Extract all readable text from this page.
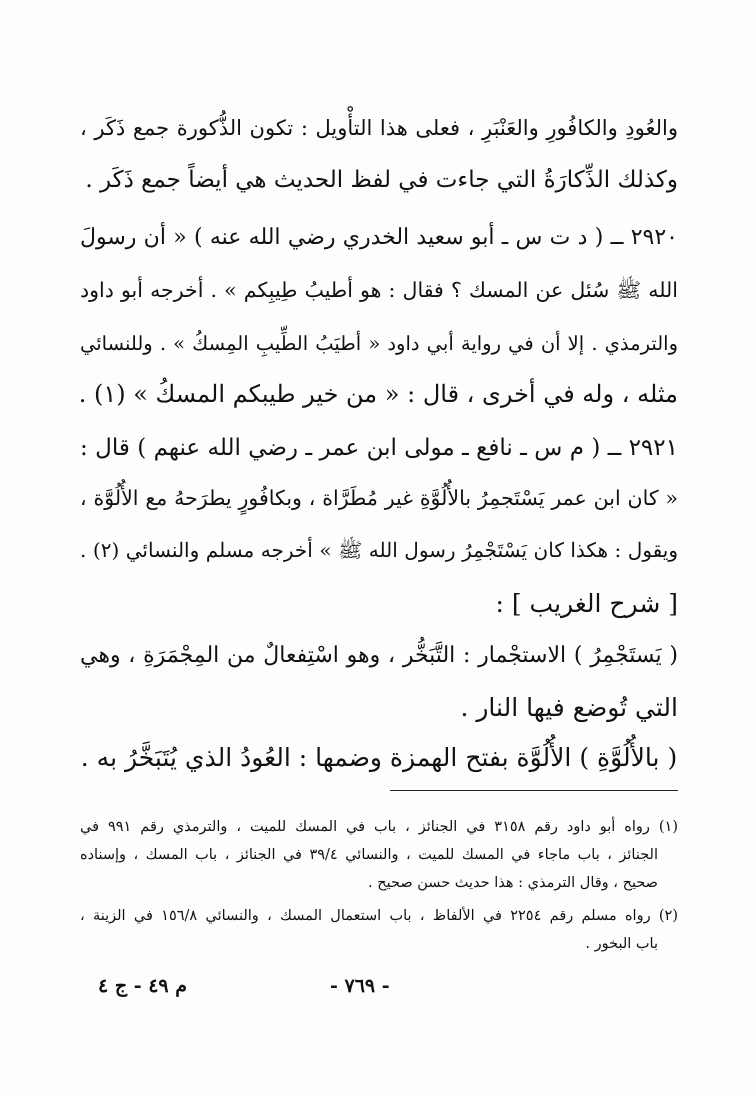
والعُودِ والكافُورِ والعَنْبَرِ ، فعلى هذا التأْويل : تكون الذُّكورة جمع ذَكَر ،
وكذلك الذِّكارَةُ التي جاءت في لفظ الحديث هي أيضاً جمع ذَكَر .
٢٩٢٠ ــ ( د ت س ـ أبو سعيد الخدري رضي الله عنه ) « أن رسولَ
الله ﷺ سُئل عن المسك ؟ فقال : هو أطيبُ طِيبِكم » . أخرجه أبو داود
والترمذي . إلا أن في رواية أبي داود « أطيَبُ الطِّيبِ المِسكُ » . وللنسائي
مثله ، وله في أخرى ، قال : « من خير طيبكم المسكُ » (١) .
٢٩٢١ ــ ( م س ـ نافع ـ مولى ابن عمر ـ رضي الله عنهم ) قال :
« كان ابن عمر يَسْتَجمِرُ بالأُلُوَّةِ غير مُطَرَّاة ، وبكافُورٍ يطرَحهُ مع الأُلُوَّة ،
ويقول : هكذا كان يَسْتَجْمِرُ رسول الله ﷺ » أخرجه مسلم والنسائي (٢) .
[ شرح الغريب ] :
( يَستَجْمِرُ ) الاستجْمار : التَّبَخُّر ، وهو اسْتِفعالٌ من المِجْمَرَةِ ، وهي
التي تُوضع فيها النار .
( بالأُلُوَّةِ ) الأُلُوَّة بفتح الهمزة وضمها : العُودُ الذي يُتَبَخَّرُ به .
(١) رواه أبو داود رقم ٣١٥٨ في الجنائز ، باب في المسك للميت ، والترمذي رقم ٩٩١ في
الجنائز ، باب ماجاء في المسك للميت ، والنسائي ٣٩/٤ في الجنائز ، باب المسك ، وإسناده
صحيح ، وقال الترمذي : هذا حديث حسن صحيح .
(٢) رواه مسلم رقم ٢٢٥٤ في الألفاظ ، باب استعمال المسك ، والنسائي ١٥٦/٨ في الزينة ،
باب البخور .
- ٧٦٩ -
م ٤٩ - ج ٤
